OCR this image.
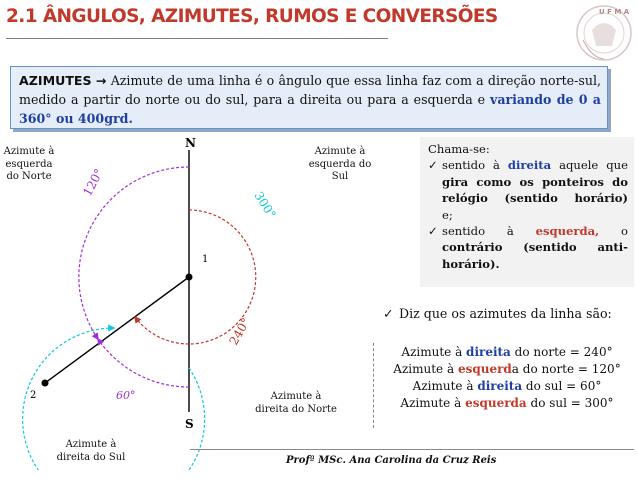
2.1 ÂNGULOS, AZIMUTES, RUMOS E CONVERSÕES	U F M A
AZIMUTES → Azimute de uma linha é o ângulo que essa linha faz com a direção norte-sul, medido a partir do norte ou do sul, para a direita ou para a esquerda e variando de 0 a 360° ou 400grd.
N
S
1
2
120°
300°
240°
60°
Azimute à esquerda do Norte
Azimute à esquerda do Sul
Azimute à direita do Norte
Azimute à direita do Sul
Chama-se:
✓ sentido à direita aquele que
gira como os ponteiros do
relógio (sentido horário)
e;
✓ sentido à esquerda, o
contrário (sentido anti-
horário).
✓ Diz que os azimutes da linha são:
Azimute à direita do norte = 240°
Azimute à esquerda do norte = 120°
Azimute à direita do sul = 60°
Azimute à esquerda do sul = 300°
Profª MSc. Ana Carolina da Cruz Reis
